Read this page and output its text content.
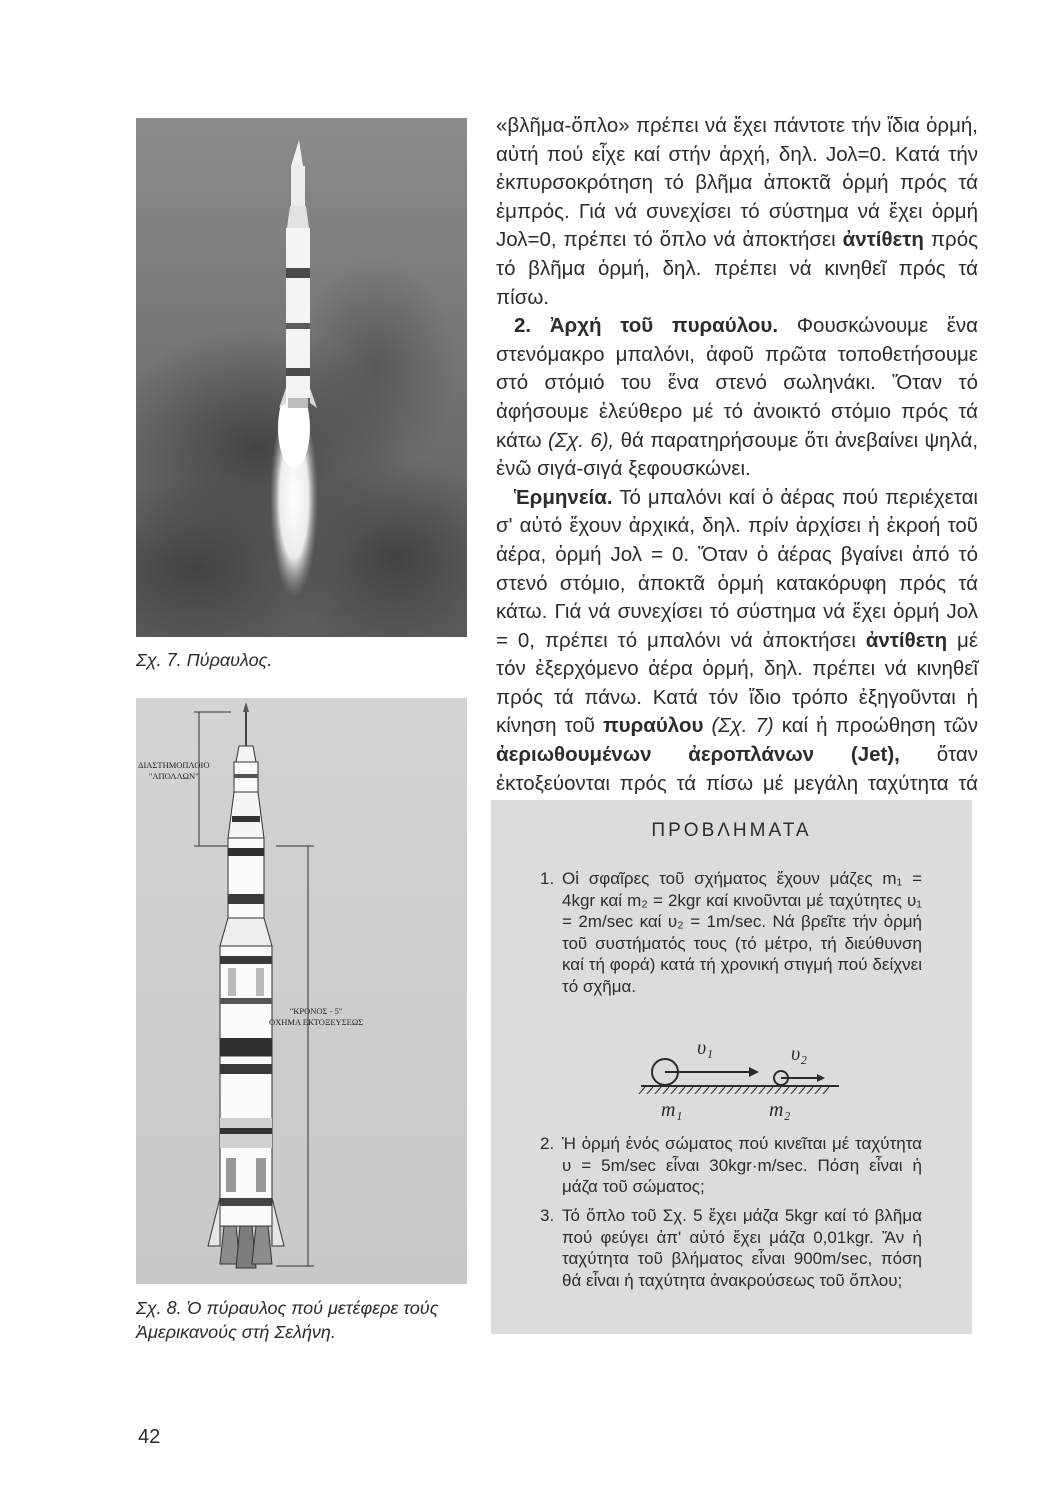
Σχ. 7. Πύραυλος.
ΔΙΑΣΤΗΜΟΠΛΟΙΟ
"ΑΠΟΛΛΩΝ"
"ΚΡΟΝΟΣ - 5"
ΟΧΗΜΑ ΕΚΤΟΞΕΥΣΕΩΣ
Σχ. 8. Ὁ πύραυλος πού μετέφερε τούς Ἀμερικανούς στή Σελήνη.
42

«βλῆμα-ὅπλο» πρέπει νά ἔχει πάντοτε τήν ἴδια ὁρμή, αὐτή πού εἶχε καί στήν ἀρχή, δηλ. Jολ=0. Κατά τήν ἐκπυρσοκρότηση τό βλῆμα ἀποκτᾶ ὁρμή πρός τά ἐμπρός. Γιά νά συνεχίσει τό σύστημα νά ἔχει ὁρμή Jολ=0, πρέπει τό ὅπλο νά ἀποκτήσει ἀντίθετη πρός τό βλῆμα ὁρμή, δηλ. πρέπει νά κινηθεῖ πρός τά πίσω.

2. Ἀρχή τοῦ πυραύλου. Φουσκώνουμε ἕνα στενόμακρο μπαλόνι, ἀφοῦ πρῶτα τοποθετήσουμε στό στόμιό του ἕνα στενό σωληνάκι. Ὅταν τό ἀφήσουμε ἐλεύθερο μέ τό ἀνοικτό στόμιο πρός τά κάτω (Σχ. 6), θά παρατηρήσουμε ὅτι ἀνεβαίνει ψηλά, ἐνῶ σιγά-σιγά ξεφουσκώνει.

Ἑρμηνεία. Τό μπαλόνι καί ὁ ἀέρας πού περιέχεται σ' αὐτό ἔχουν ἀρχικά, δηλ. πρίν ἀρχίσει ἡ ἐκροή τοῦ ἀέρα, ὁρμή Jολ = 0. Ὅταν ὁ ἀέρας βγαίνει ἀπό τό στενό στόμιο, ἀποκτᾶ ὁρμή κατακόρυφη πρός τά κάτω. Γιά νά συνεχίσει τό σύστημα νά ἔχει ὁρμή Jολ = 0, πρέπει τό μπαλόνι νά ἀποκτήσει ἀντίθετη μέ τόν ἐξερχόμενο ἀέρα ὁρμή, δηλ. πρέπει νά κινηθεῖ πρός τά πάνω. Κατά τόν ἴδιο τρόπο ἐξηγοῦνται ἡ κίνηση τοῦ πυραύλου (Σχ. 7) καί ἡ προώθηση τῶν ἀεριωθουμένων ἀεροπλάνων (Jet), ὅταν ἐκτοξεύονται πρός τά πίσω μέ μεγάλη ταχύτητα τά

ΠΡΟΒΛΗΜΑΤΑ
1. Οἱ σφαῖρες τοῦ σχήματος ἔχουν μάζες m₁ = 4kgr καί m₂ = 2kgr καί κινοῦνται μέ ταχύτητες υ₁ = 2m/sec καί υ₂ = 1m/sec. Νά βρεῖτε τήν ὁρμή τοῦ συστήματός τους (τό μέτρο, τή διεύθυνση καί τή φορά) κατά τή χρονική στιγμή πού δείχνει τό σχῆμα.
υ₁	υ₂
m₁	m₂
2. Ἡ ὁρμή ἑνός σώματος πού κινεῖται μέ ταχύτητα υ = 5m/sec εἶναι 30kgr·m/sec. Πόση εἶναι ἡ μάζα τοῦ σώματος;
3. Τό ὅπλο τοῦ Σχ. 5 ἔχει μάζα 5kgr καί τό βλῆμα πού φεύγει ἀπ' αὐτό ἔχει μάζα 0,01kgr. Ἄν ἡ ταχύτητα τοῦ βλήματος εἶναι 900m/sec, πόση θά εἶναι ἡ ταχύτητα ἀνακρούσεως τοῦ ὅπλου;
